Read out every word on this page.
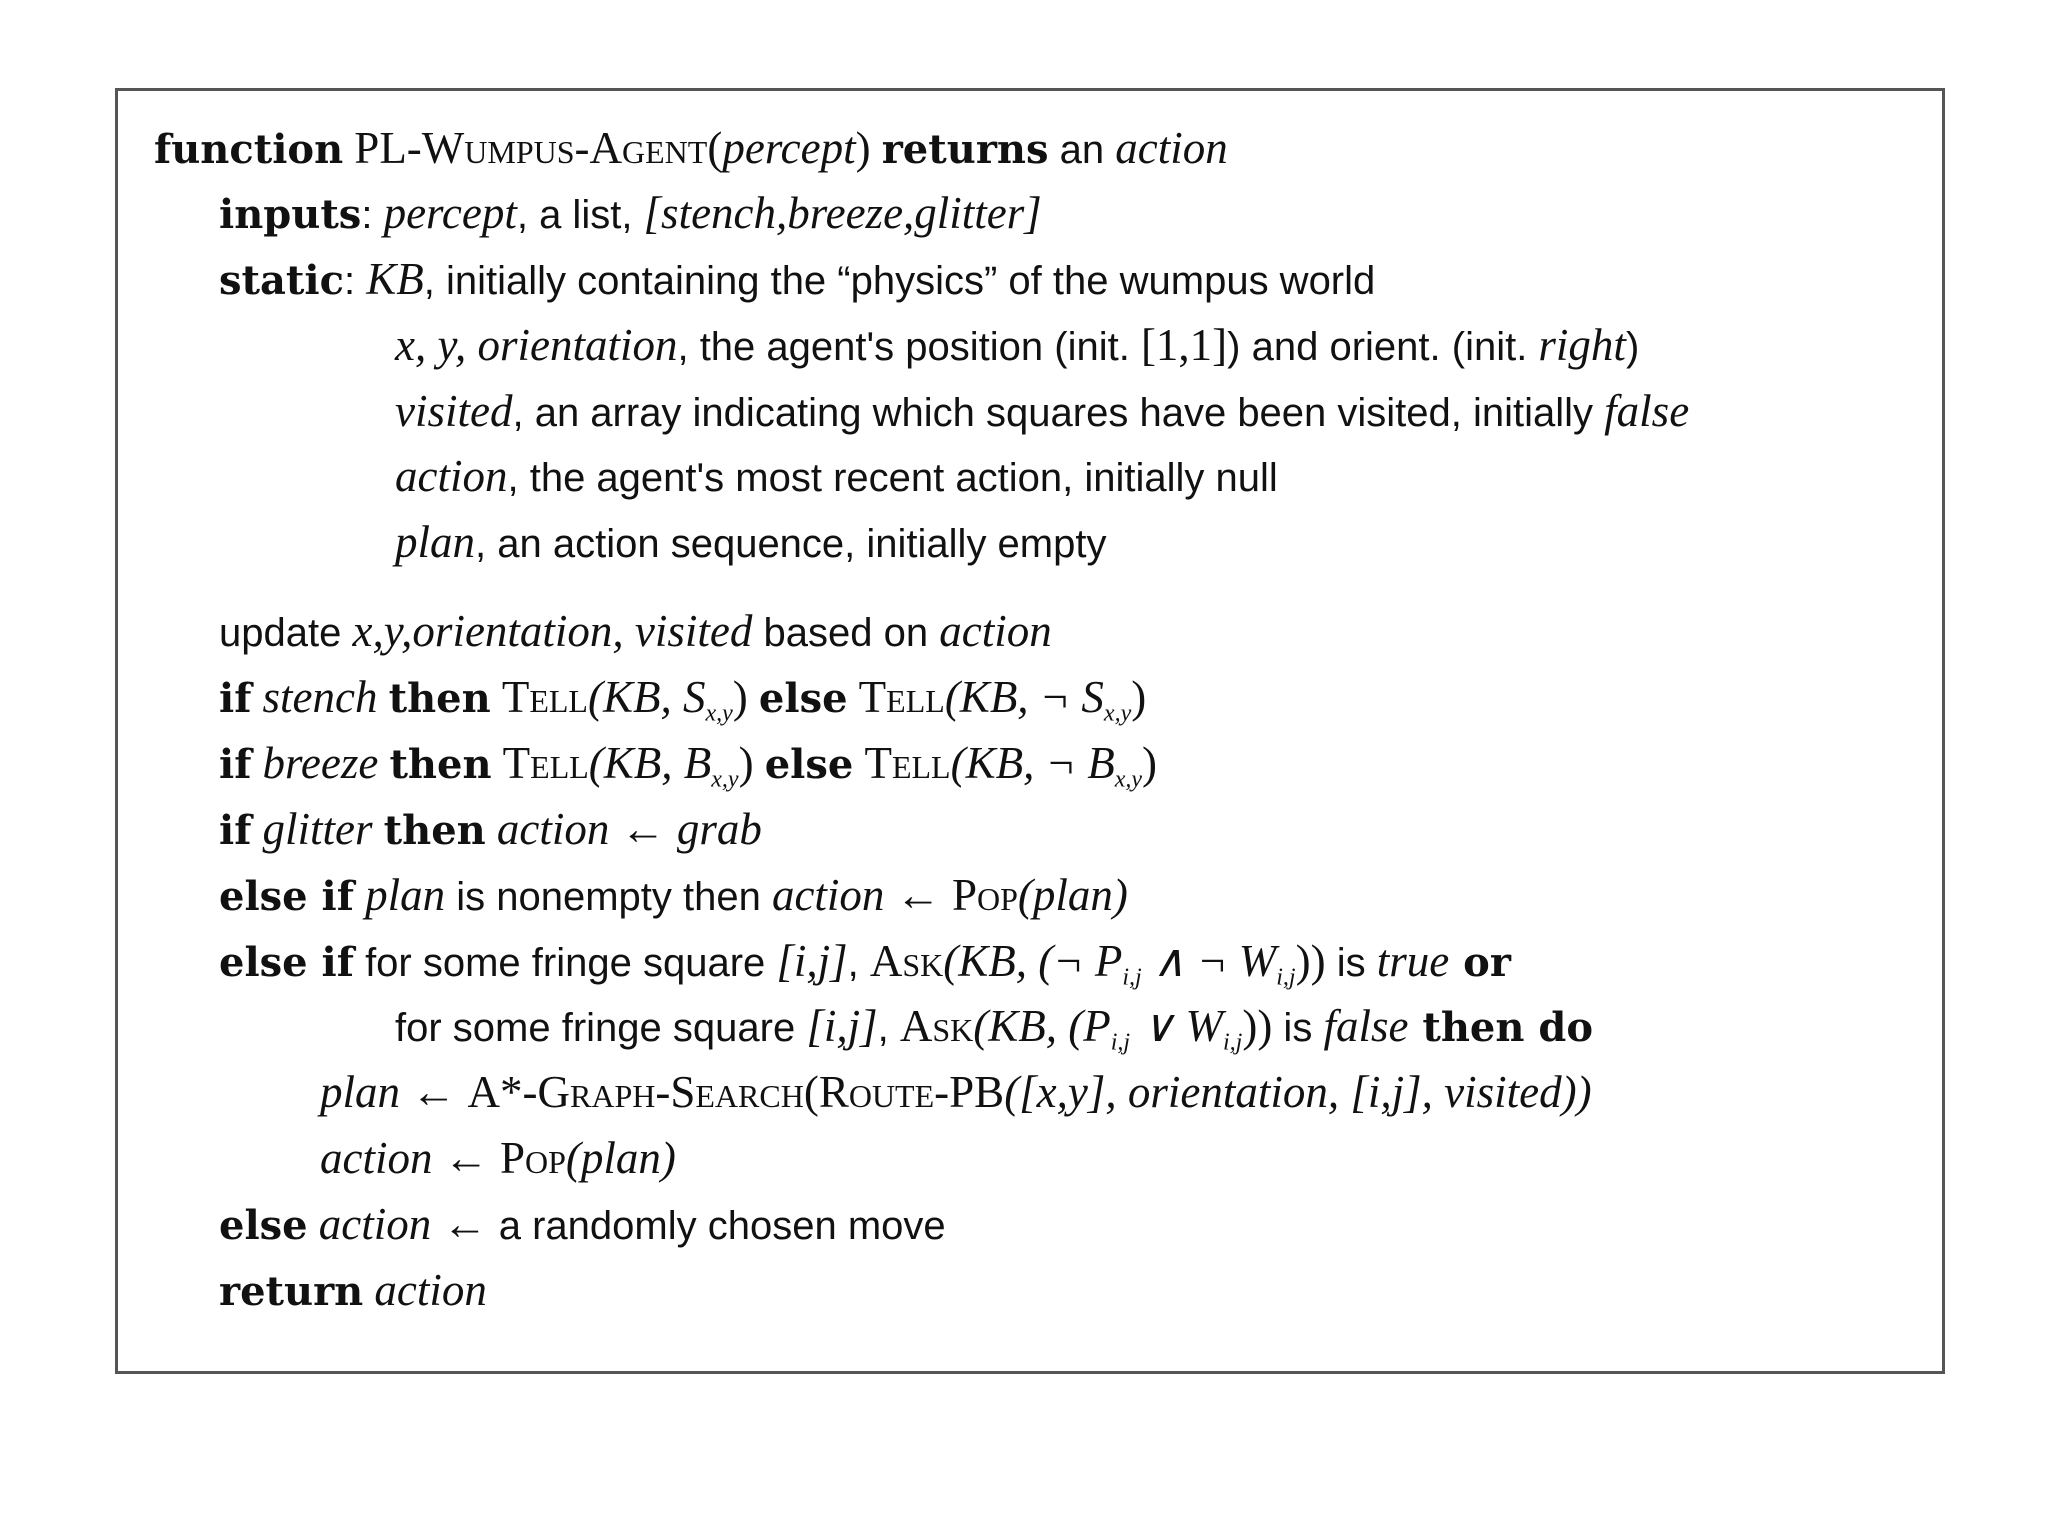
function PL-Wumpus-Agent(percept) returns an action
inputs: percept, a list, [stench,breeze,glitter]
static: KB, initially containing the “physics” of the wumpus world
x, y, orientation, the agent's position (init. [1,1]) and orient. (init. right)
visited, an array indicating which squares have been visited, initially false
action, the agent's most recent action, initially null
plan, an action sequence, initially empty
update x,y,orientation, visited based on action
if stench then Tell(KB, $S_{x,y}$) else Tell(KB, ¬ $S_{x,y}$)
if breeze then Tell(KB, $B_{x,y}$) else Tell(KB, ¬ $B_{x,y}$)
if glitter then action ← grab
else if plan is nonempty then action ← Pop(plan)
else if for some fringe square [i,j], Ask(KB, (¬ $P_{i,j}$ ∧ ¬ $W_{i,j}$)) is true or
for some fringe square [i,j], Ask(KB, ($P_{i,j}$ ∨ $W_{i,j}$)) is false then do
plan ← A*-Graph-Search(Route-PB([x,y], orientation, [i,j], visited))
action ← Pop(plan)
else action ← a randomly chosen move
return action
